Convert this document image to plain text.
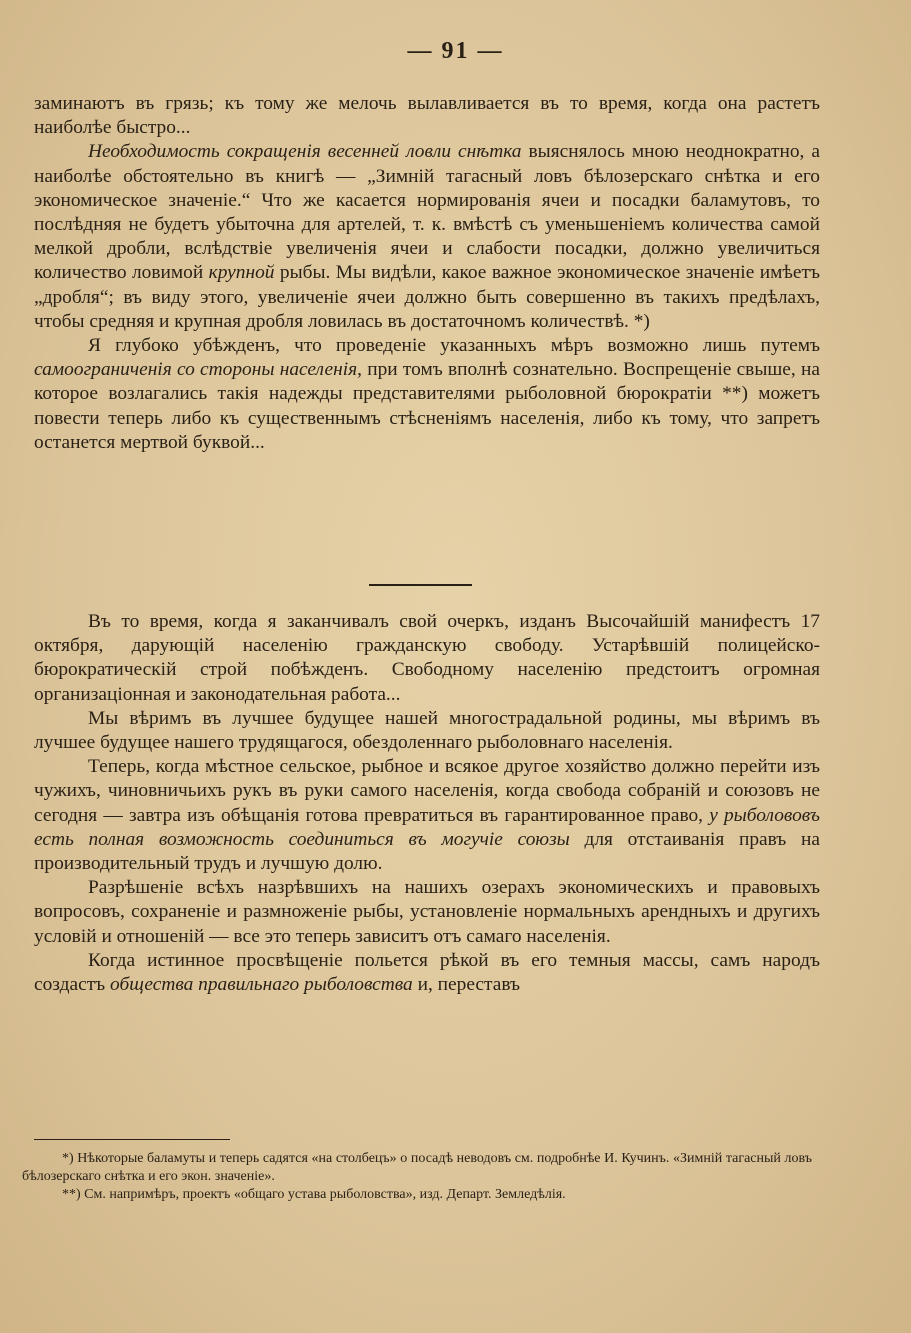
— 91 —

заминаютъ въ грязь; къ тому же мелочь вылавливается въ то время, когда она растетъ наиболѣе быстро...

Необходимость сокращенія весенней ловли снѣтка выяснялось мною неоднократно, а наиболѣе обстоятельно въ книгѣ — „Зимній тагасный ловъ бѣлозерскаго снѣтка и его экономическое значеніе.“ Что же касается нормированія ячеи и посадки баламутовъ, то послѣдняя не будетъ убыточна для артелей, т. к. вмѣстѣ съ уменьшеніемъ количества самой мелкой дробли, вслѣдствіе увеличенія ячеи и слабости посадки, должно увеличиться количество ловимой крупной рыбы. Мы видѣли, какое важное экономическое значеніе имѣетъ „дробля“; въ виду этого, увеличеніе ячеи должно быть совершенно въ такихъ предѣлахъ, чтобы средняя и крупная дробля ловилась въ достаточномъ количествѣ. *)

Я глубоко убѣжденъ, что проведеніе указанныхъ мѣръ возможно лишь путемъ самоограниченія со стороны населенія, при томъ вполнѣ сознательно. Воспрещеніе свыше, на которое возлагались такія надежды представителями рыболовной бюрократіи **) можетъ повести теперь либо къ существеннымъ стѣсненіямъ населенія, либо къ тому, что запретъ останется мертвой буквой...

Въ то время, когда я заканчивалъ свой очеркъ, изданъ Высочайшій манифестъ 17 октября, дарующій населенію гражданскую свободу. Устарѣвшій полицейско-бюрократическій строй побѣжденъ. Свободному населенію предстоитъ огромная организаціонная и законодательная работа...

Мы вѣримъ въ лучшее будущее нашей многострадальной родины, мы вѣримъ въ лучшее будущее нашего трудящагося, обездоленнаго рыболовнаго населенія.

Теперь, когда мѣстное сельское, рыбное и всякое другое хозяйство должно перейти изъ чужихъ, чиновничьихъ рукъ въ руки самого населенія, когда свобода собраній и союзовъ не сегодня — завтра изъ обѣщанія готова превратиться въ гарантированное право, у рыболововъ есть полная возможность соединиться въ могучіе союзы для отстаиванія правъ на производительный трудъ и лучшую долю.

Разрѣшеніе всѣхъ назрѣвшихъ на нашихъ озерахъ экономическихъ и правовыхъ вопросовъ, сохраненіе и размноженіе рыбы, установленіе нормальныхъ арендныхъ и другихъ условій и отношеній — все это теперь зависитъ отъ самаго населенія.

Когда истинное просвѣщеніе польется рѣкой въ его темныя массы, самъ народъ создастъ общества правильнаго рыболовства и, переставъ

*) Нѣкоторые баламуты и теперь садятся «на столбецъ» о посадѣ неводовъ см. подробнѣе И. Кучинъ. «Зимній тагасный ловъ бѣлозерскаго снѣтка и его экон. значеніе».

**) См. напримѣръ, проектъ «общаго устава рыболовства», изд. Департ. Земледѣлія.
